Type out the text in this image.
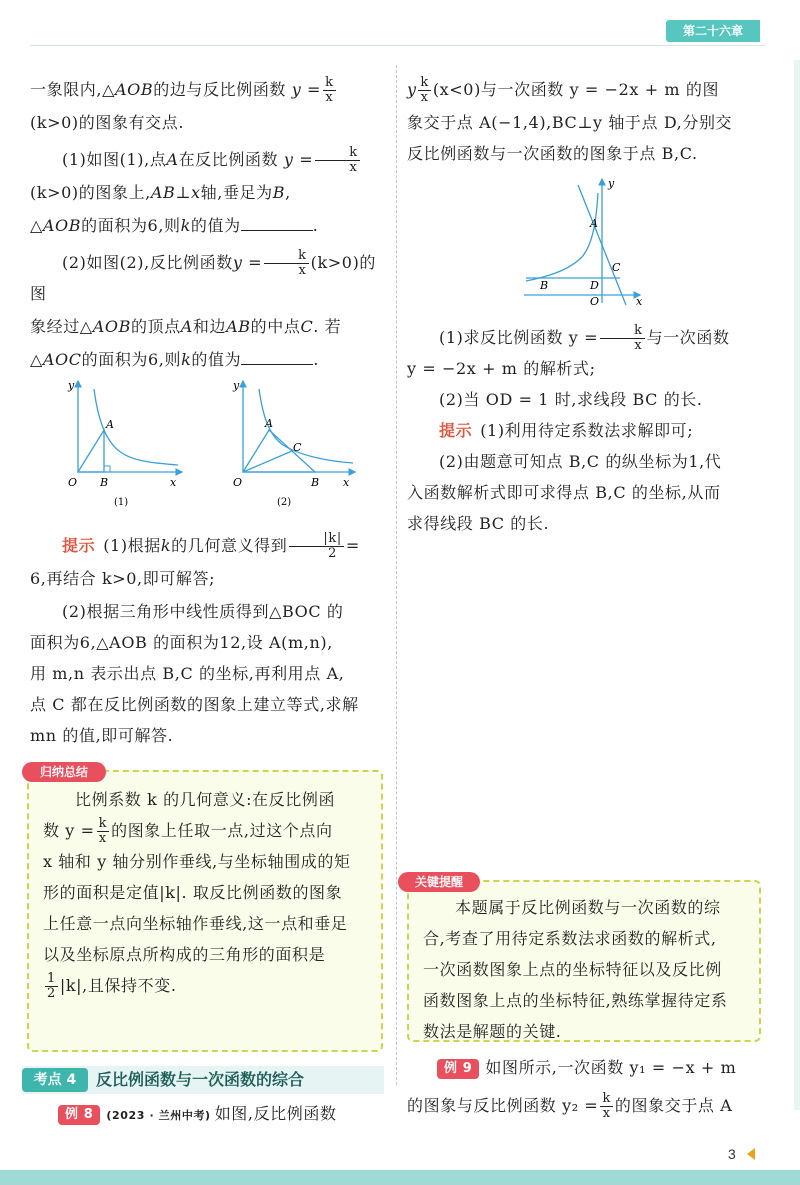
第二十六章

一象限内,△AOB的边与反比例函数 $y = \frac{k}{x}$

(k>0)的图象有交点.

(1)如图(1),点A在反比例函数 $y = \frac{k}{x}$

(k>0)的图象上,AB⊥x轴,垂足为B,

△AOB的面积为6,则k的值为	.

(2)如图(2),反比例函数$y = \frac{k}{x} (k>0)$的图

象经过△AOB的顶点A和边AB的中点C. 若

△AOC的面积为6,则k的值为	.

y
A
O B	x
(1)
y
A
C
O	B x
(2)

提示 (1)根据k的几何意义得到 $\frac{|k|}{2}$ =

6,再结合 k>0,即可解答;

(2)根据三角形中线性质得到△BOC 的

面积为6,△AOB 的面积为12,设 A(m,n),

用 m,n 表示出点 B,C 的坐标,再利用点 A,

点 C 都在反比例函数的图象上建立等式,求解

mn 的值,即可解答.

比例系数 k 的几何意义:在反比例函

数 $y = \frac{k}{x}$ 的图象上任取一点,过这个点向

x 轴和 y 轴分别作垂线,与坐标轴围成的矩

形的面积是定值|k|. 取反比例函数的图象

上任意一点向坐标轴作垂线,这一点和垂足

以及坐标原点所构成的三角形的面积是

$\frac{1}{2} |k|$,且保持不变.

归纳总结
考点 4	反比例函数与一次函数的综合
例 8 (2023 · 兰州中考) 如图,反比例函数

y $\frac{k}{x} (x<0)$与一次函数 y = −2x + m 的图

象交于点 A(−1,4),BC⊥y 轴于点 D,分别交

反比例函数与一次函数的图象于点 B,C.

y
A
C
B	D
O	x

(1)求反比例函数 $y = \frac{k}{x}$ 与一次函数

y = −2x + m 的解析式;

(2)当 OD = 1 时,求线段 BC 的长.

提示 (1)利用待定系数法求解即可;

(2)由题意可知点 B,C 的纵坐标为1,代

入函数解析式即可求得点 B,C 的坐标,从而

求得线段 BC 的长.

本题属于反比例函数与一次函数的综

合,考查了用待定系数法求函数的解析式,

一次函数图象上点的坐标特征以及反比例

函数图象上点的坐标特征,熟练掌握待定系

数法是解题的关键.

关键提醒
例 9 如图所示,一次函数 y₁ = −x + m
的图象与反比例函数 $y_2 = \frac{k}{x}$ 的图象交于点 A
3
